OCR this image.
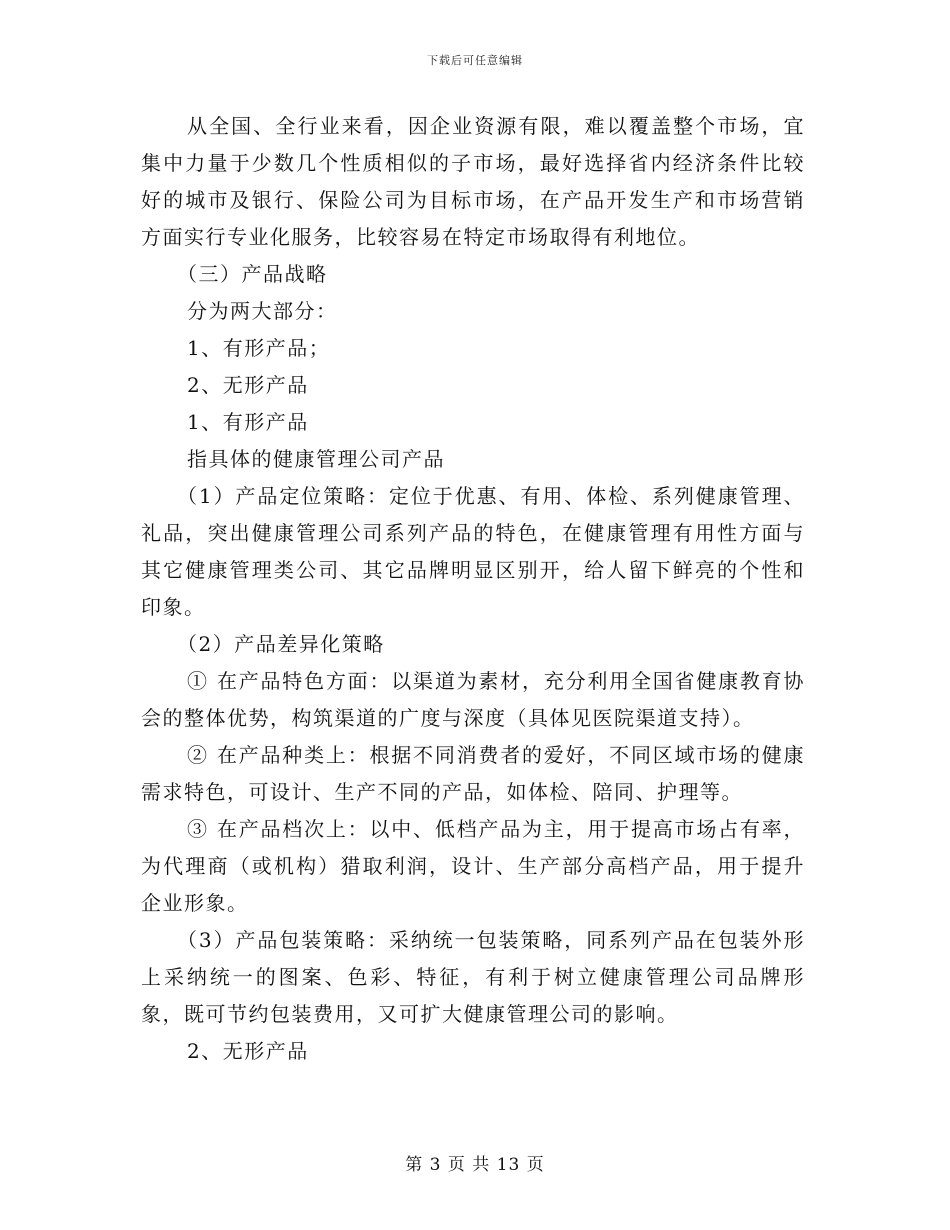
下载后可任意编辑

从全国、全行业来看，因企业资源有限，难以覆盖整个市场，宜集中力量于少数几个性质相似的子市场，最好选择省内经济条件比较好的城市及银行、保险公司为目标市场，在产品开发生产和市场营销方面实行专业化服务，比较容易在特定市场取得有利地位。

（三）产品战略

分为两大部分：

1、有形产品；

2、无形产品

1、有形产品

指具体的健康管理公司产品

（1）产品定位策略：定位于优惠、有用、体检、系列健康管理、礼品，突出健康管理公司系列产品的特色，在健康管理有用性方面与其它健康管理类公司、其它品牌明显区别开，给人留下鲜亮的个性和印象。

（2）产品差异化策略

① 在产品特色方面：以渠道为素材，充分利用全国省健康教育协会的整体优势，构筑渠道的广度与深度（具体见医院渠道支持）。

② 在产品种类上：根据不同消费者的爱好，不同区域市场的健康需求特色，可设计、生产不同的产品，如体检、陪同、护理等。

③ 在产品档次上：以中、低档产品为主，用于提高市场占有率，为代理商（或机构）猎取利润，设计、生产部分高档产品，用于提升企业形象。

（3）产品包装策略：采纳统一包装策略，同系列产品在包装外形上采纳统一的图案、色彩、特征，有利于树立健康管理公司品牌形象，既可节约包装费用，又可扩大健康管理公司的影响。

2、无形产品

第 3 页 共 13 页
